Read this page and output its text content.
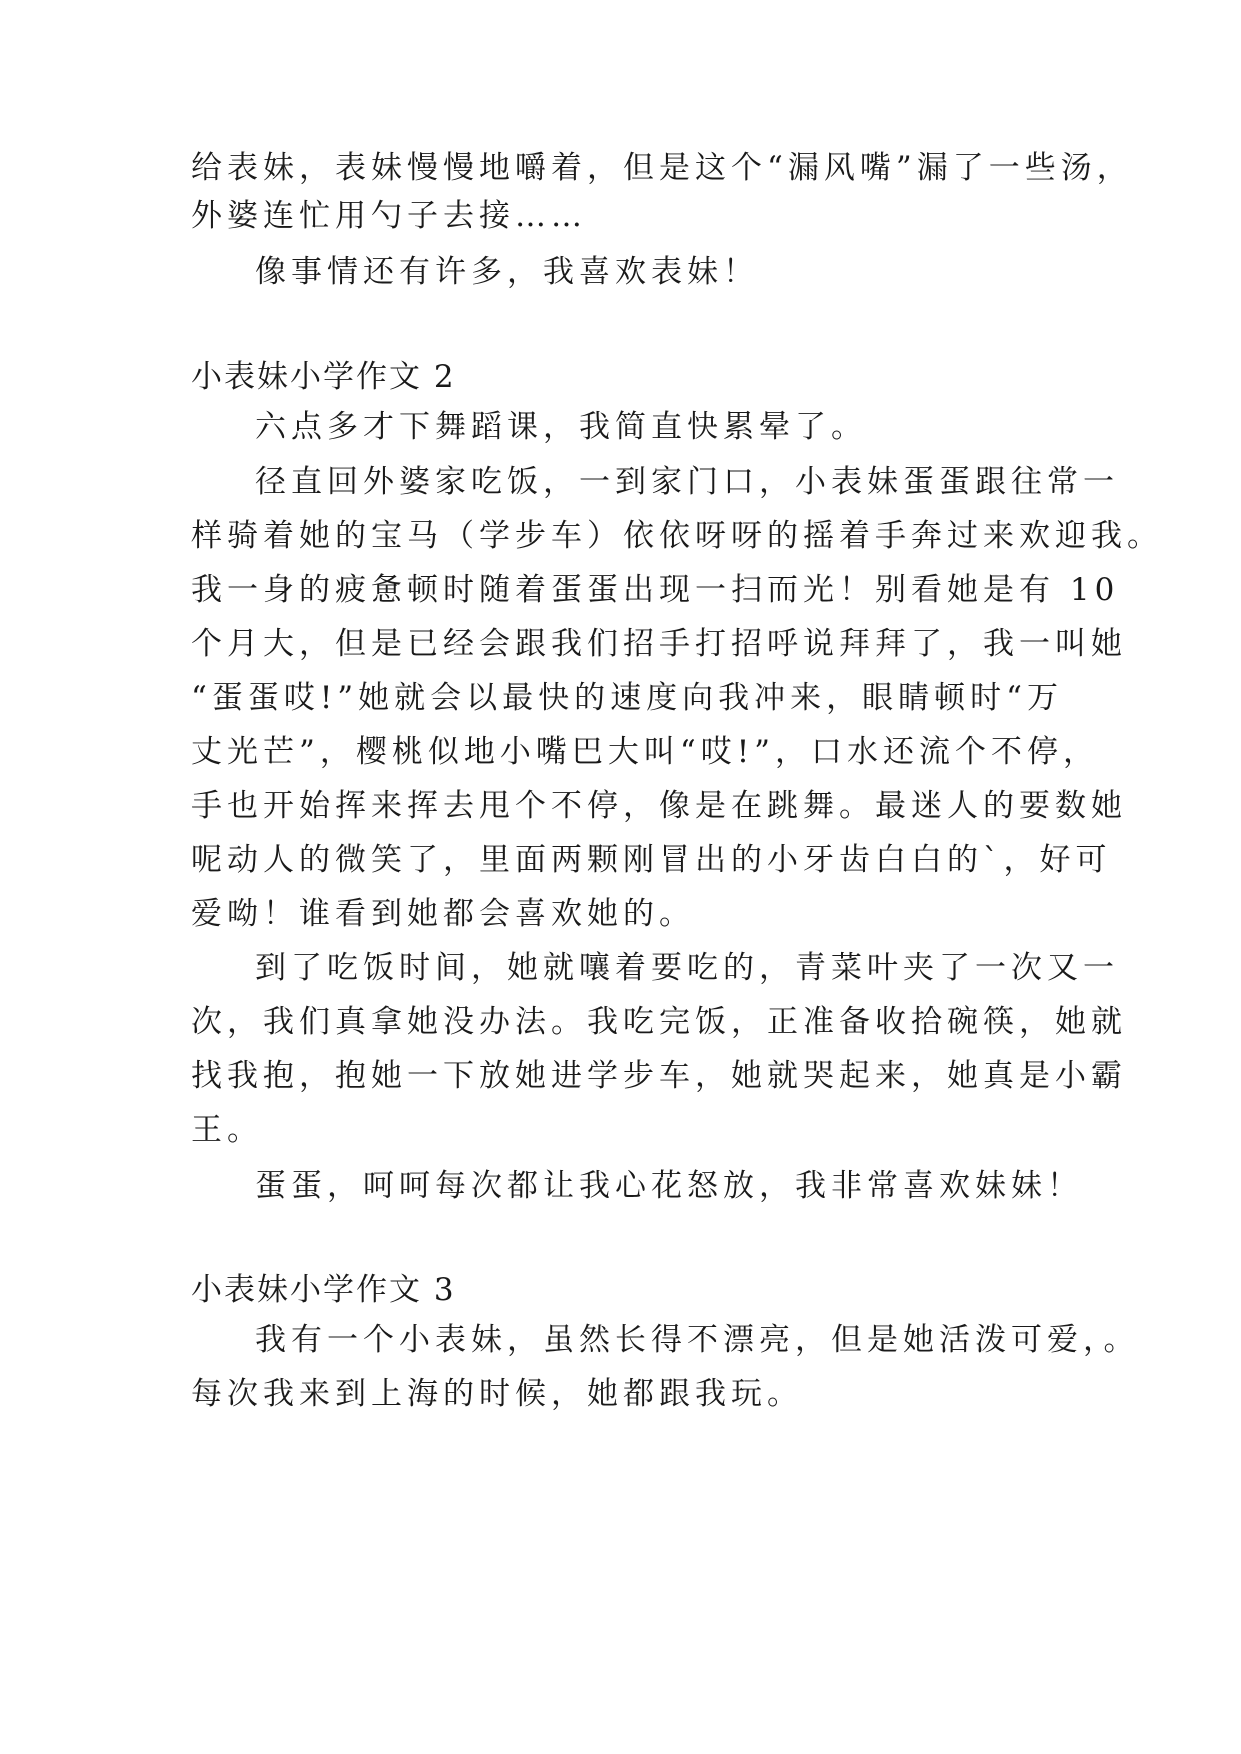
给表妹，表妹慢慢地嚼着，但是这个“漏风嘴”漏了一些汤，
外婆连忙用勺子去接……
像事情还有许多，我喜欢表妹！
小表妹小学作文 2
六点多才下舞蹈课，我简直快累晕了。
径直回外婆家吃饭，一到家门口，小表妹蛋蛋跟往常一
样骑着她的宝马（学步车）依依呀呀的摇着手奔过来欢迎我。
我一身的疲惫顿时随着蛋蛋出现一扫而光！别看她是有 10
个月大，但是已经会跟我们招手打招呼说拜拜了，我一叫她
“蛋蛋哎!”她就会以最快的速度向我冲来，眼睛顿时“万
丈光芒”，樱桃似地小嘴巴大叫“哎!”，口水还流个不停，
手也开始挥来挥去甩个不停，像是在跳舞。最迷人的要数她
呢动人的微笑了，里面两颗刚冒出的小牙齿白白的`，好可
爱呦！谁看到她都会喜欢她的。
到了吃饭时间，她就嚷着要吃的，青菜叶夹了一次又一
次，我们真拿她没办法。我吃完饭，正准备收拾碗筷，她就
找我抱，抱她一下放她进学步车，她就哭起来，她真是小霸
王。
蛋蛋，呵呵每次都让我心花怒放，我非常喜欢妹妹！
小表妹小学作文 3
我有一个小表妹，虽然长得不漂亮，但是她活泼可爱，。
每次我来到上海的时候，她都跟我玩。
